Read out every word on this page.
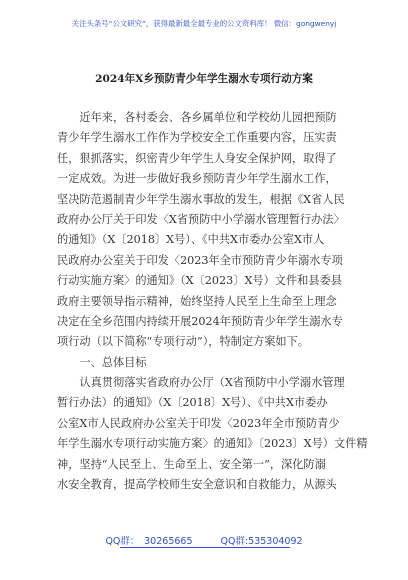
关注头条号“公文研究”，获得最新最全最专业的公文资料库！ 微信：gongwenyj
2024年X乡预防青少年学生溺水专项行动方案
　　近年来，各村委会、各乡属单位和学校幼儿园把预防
青少年学生溺水工作作为学校安全工作重要内容，压实责
任，狠抓落实，织密青少年学生人身安全保护网，取得了
一定成效。为进一步做好我乡预防青少年学生溺水工作，
坚决防范遏制青少年学生溺水事故的发生，根据《X省人民
政府办公厅关于印发〈X省预防中小学溺水管理暂行办法〉
的通知》（X〔2018〕X号）、《中共X市委办公室X市人
民政府办公室关于印发〈2023年全市预防青少年溺水专项
行动实施方案〉的通知》（X〔2023〕X号）文件和县委县
政府主要领导指示精神，始终坚持人民至上生命至上理念
决定在全乡范围内持续开展2024年预防青少年学生溺水专
项行动（以下简称“专项行动”），特制定方案如下。
　　一、总体目标
　　认真贯彻落实省政府办公厅（X省预防中小学溺水管理
暂行办法）的通知》（X〔2018〕X号）、《中共X市委办
公室X市人民政府办公室关于印发〈2023年全市预防青少
年学生溺水专项行动实施方案〉的通知》〔2023〕X号）文件精
神，坚持“人民至上、生命至上、安全第一”，深化防溺
水安全教育，提高学校师生安全意识和自救能力，从源头
QQ群：　30265665	QQ群:535304092
